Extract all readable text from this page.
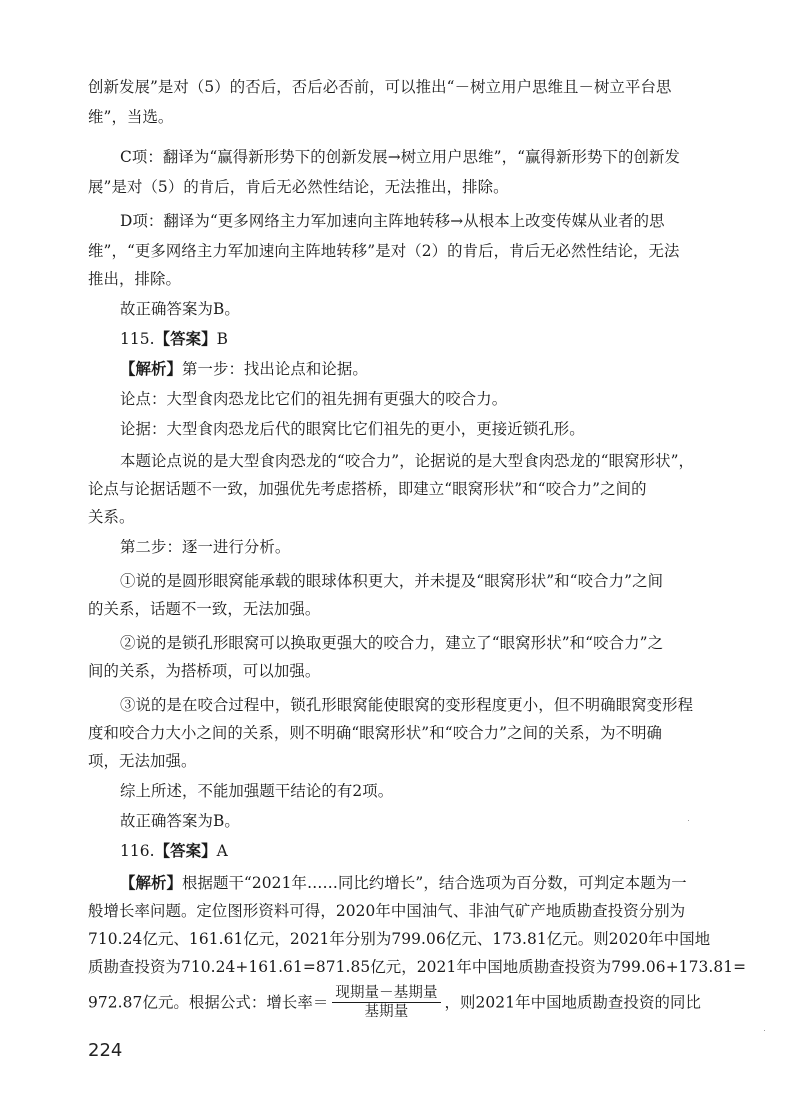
创新发展”是对（5）的否后，否后必否前，可以推出“－树立用户思维且－树立平台思
维”，当选。
C项：翻译为“赢得新形势下的创新发展→树立用户思维”，“赢得新形势下的创新发
展”是对（5）的肯后，肯后无必然性结论，无法推出，排除。
D项：翻译为“更多网络主力军加速向主阵地转移→从根本上改变传媒从业者的思
维”，“更多网络主力军加速向主阵地转移”是对（2）的肯后，肯后无必然性结论，无法
推出，排除。
故正确答案为B。
115.【答案】B
【解析】第一步：找出论点和论据。
论点：大型食肉恐龙比它们的祖先拥有更强大的咬合力。
论据：大型食肉恐龙后代的眼窝比它们祖先的更小，更接近锁孔形。
本题论点说的是大型食肉恐龙的“咬合力”，论据说的是大型食肉恐龙的“眼窝形状”，
论点与论据话题不一致，加强优先考虑搭桥，即建立“眼窝形状”和“咬合力”之间的
关系。
第二步：逐一进行分析。
①说的是圆形眼窝能承载的眼球体积更大，并未提及“眼窝形状”和“咬合力”之间
的关系，话题不一致，无法加强。
②说的是锁孔形眼窝可以换取更强大的咬合力，建立了“眼窝形状”和“咬合力”之
间的关系，为搭桥项，可以加强。
③说的是在咬合过程中，锁孔形眼窝能使眼窝的变形程度更小，但不明确眼窝变形程
度和咬合力大小之间的关系，则不明确“眼窝形状”和“咬合力”之间的关系，为不明确
项，无法加强。
综上所述，不能加强题干结论的有2项。
故正确答案为B。
116.【答案】A
【解析】根据题干“2021年……同比约增长”，结合选项为百分数，可判定本题为一
般增长率问题。定位图形资料可得，2020年中国油气、非油气矿产地质勘查投资分别为
710.24亿元、161.61亿元，2021年分别为799.06亿元、173.81亿元。则2020年中国地
质勘查投资为710.24+161.61=871.85亿元，2021年中国地质勘查投资为799.06+173.81=
972.87亿元。根据公式：增长率＝ $\frac{\text{现期量－基期量}}{\text{基期量}}$ ，则2021年中国地质勘查投资的同比
224
